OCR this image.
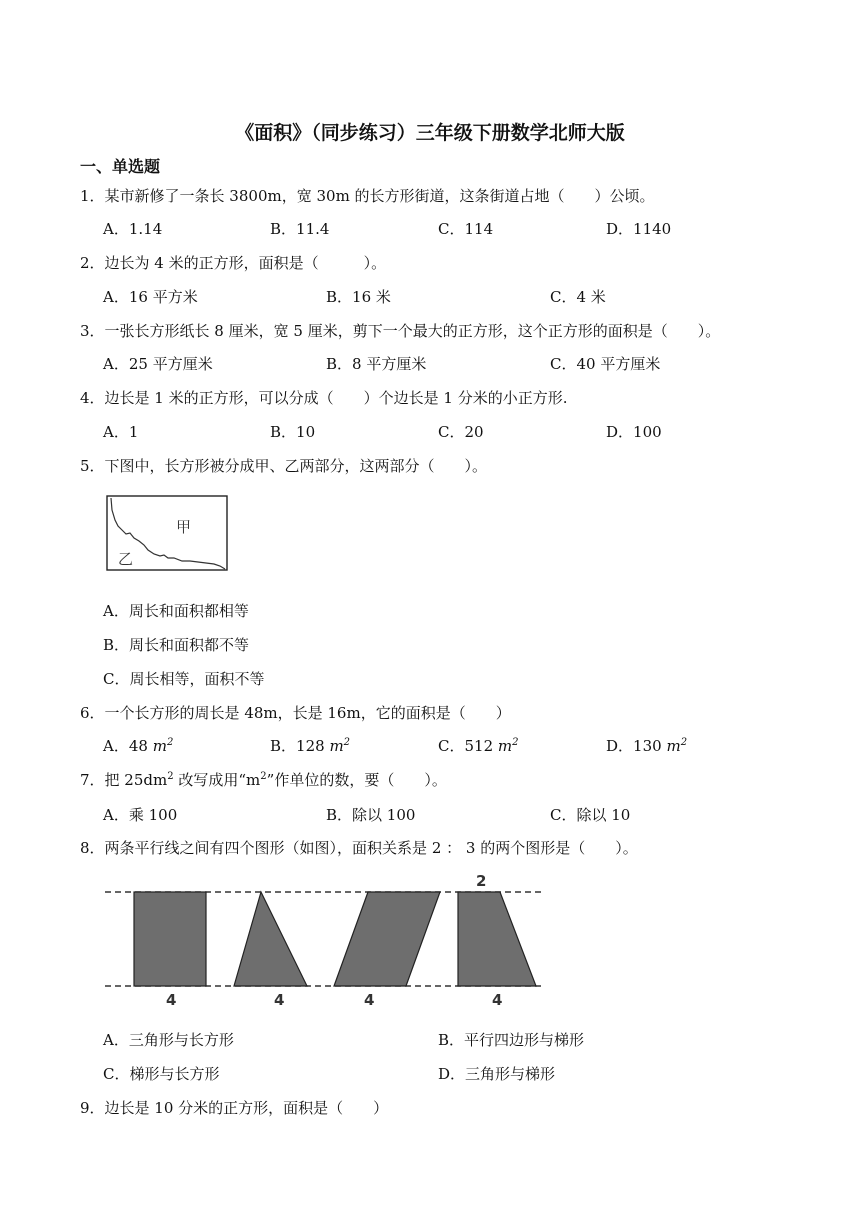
《面积》（同步练习）三年级下册数学北师大版
一、单选题
1．某市新修了一条长 3800m，宽 30m 的长方形街道，这条街道占地（　　）公顷。
A．1.14	B．11.4	C．114	D．1140
2．边长为 4 米的正方形，面积是（　　　）。
A．16 平方米	B．16 米	C．4 米
3．一张长方形纸长 8 厘米，宽 5 厘米，剪下一个最大的正方形，这个正方形的面积是（　　）。
A．25 平方厘米	B．8 平方厘米	C．40 平方厘米
4．边长是 1 米的正方形，可以分成（　　）个边长是 1 分米的小正方形.
A．1	B．10	C．20	D．100
5．下图中，长方形被分成甲、乙两部分，这两部分（　　）。
甲
乙
A．周长和面积都相等
B．周长和面积都不等
C．周长相等，面积不等
6．一个长方形的周长是 48m，长是 16m，它的面积是（　　）
A．48 $m^2$	B．128 $m^2$	C．512 $m^2$	D．130 $m^2$
7．把 $25dm^2$ 改写成用“$m^2$”作单位的数，要（　　）。
A．乘 100	B．除以 100	C．除以 10
8．两条平行线之间有四个图形（如图），面积关系是 2 ： 3 的两个图形是（　　）。
4	4	4	4
2
A．三角形与长方形	B．平行四边形与梯形
C．梯形与长方形	D．三角形与梯形
9．边长是 10 分米的正方形，面积是（　　）
